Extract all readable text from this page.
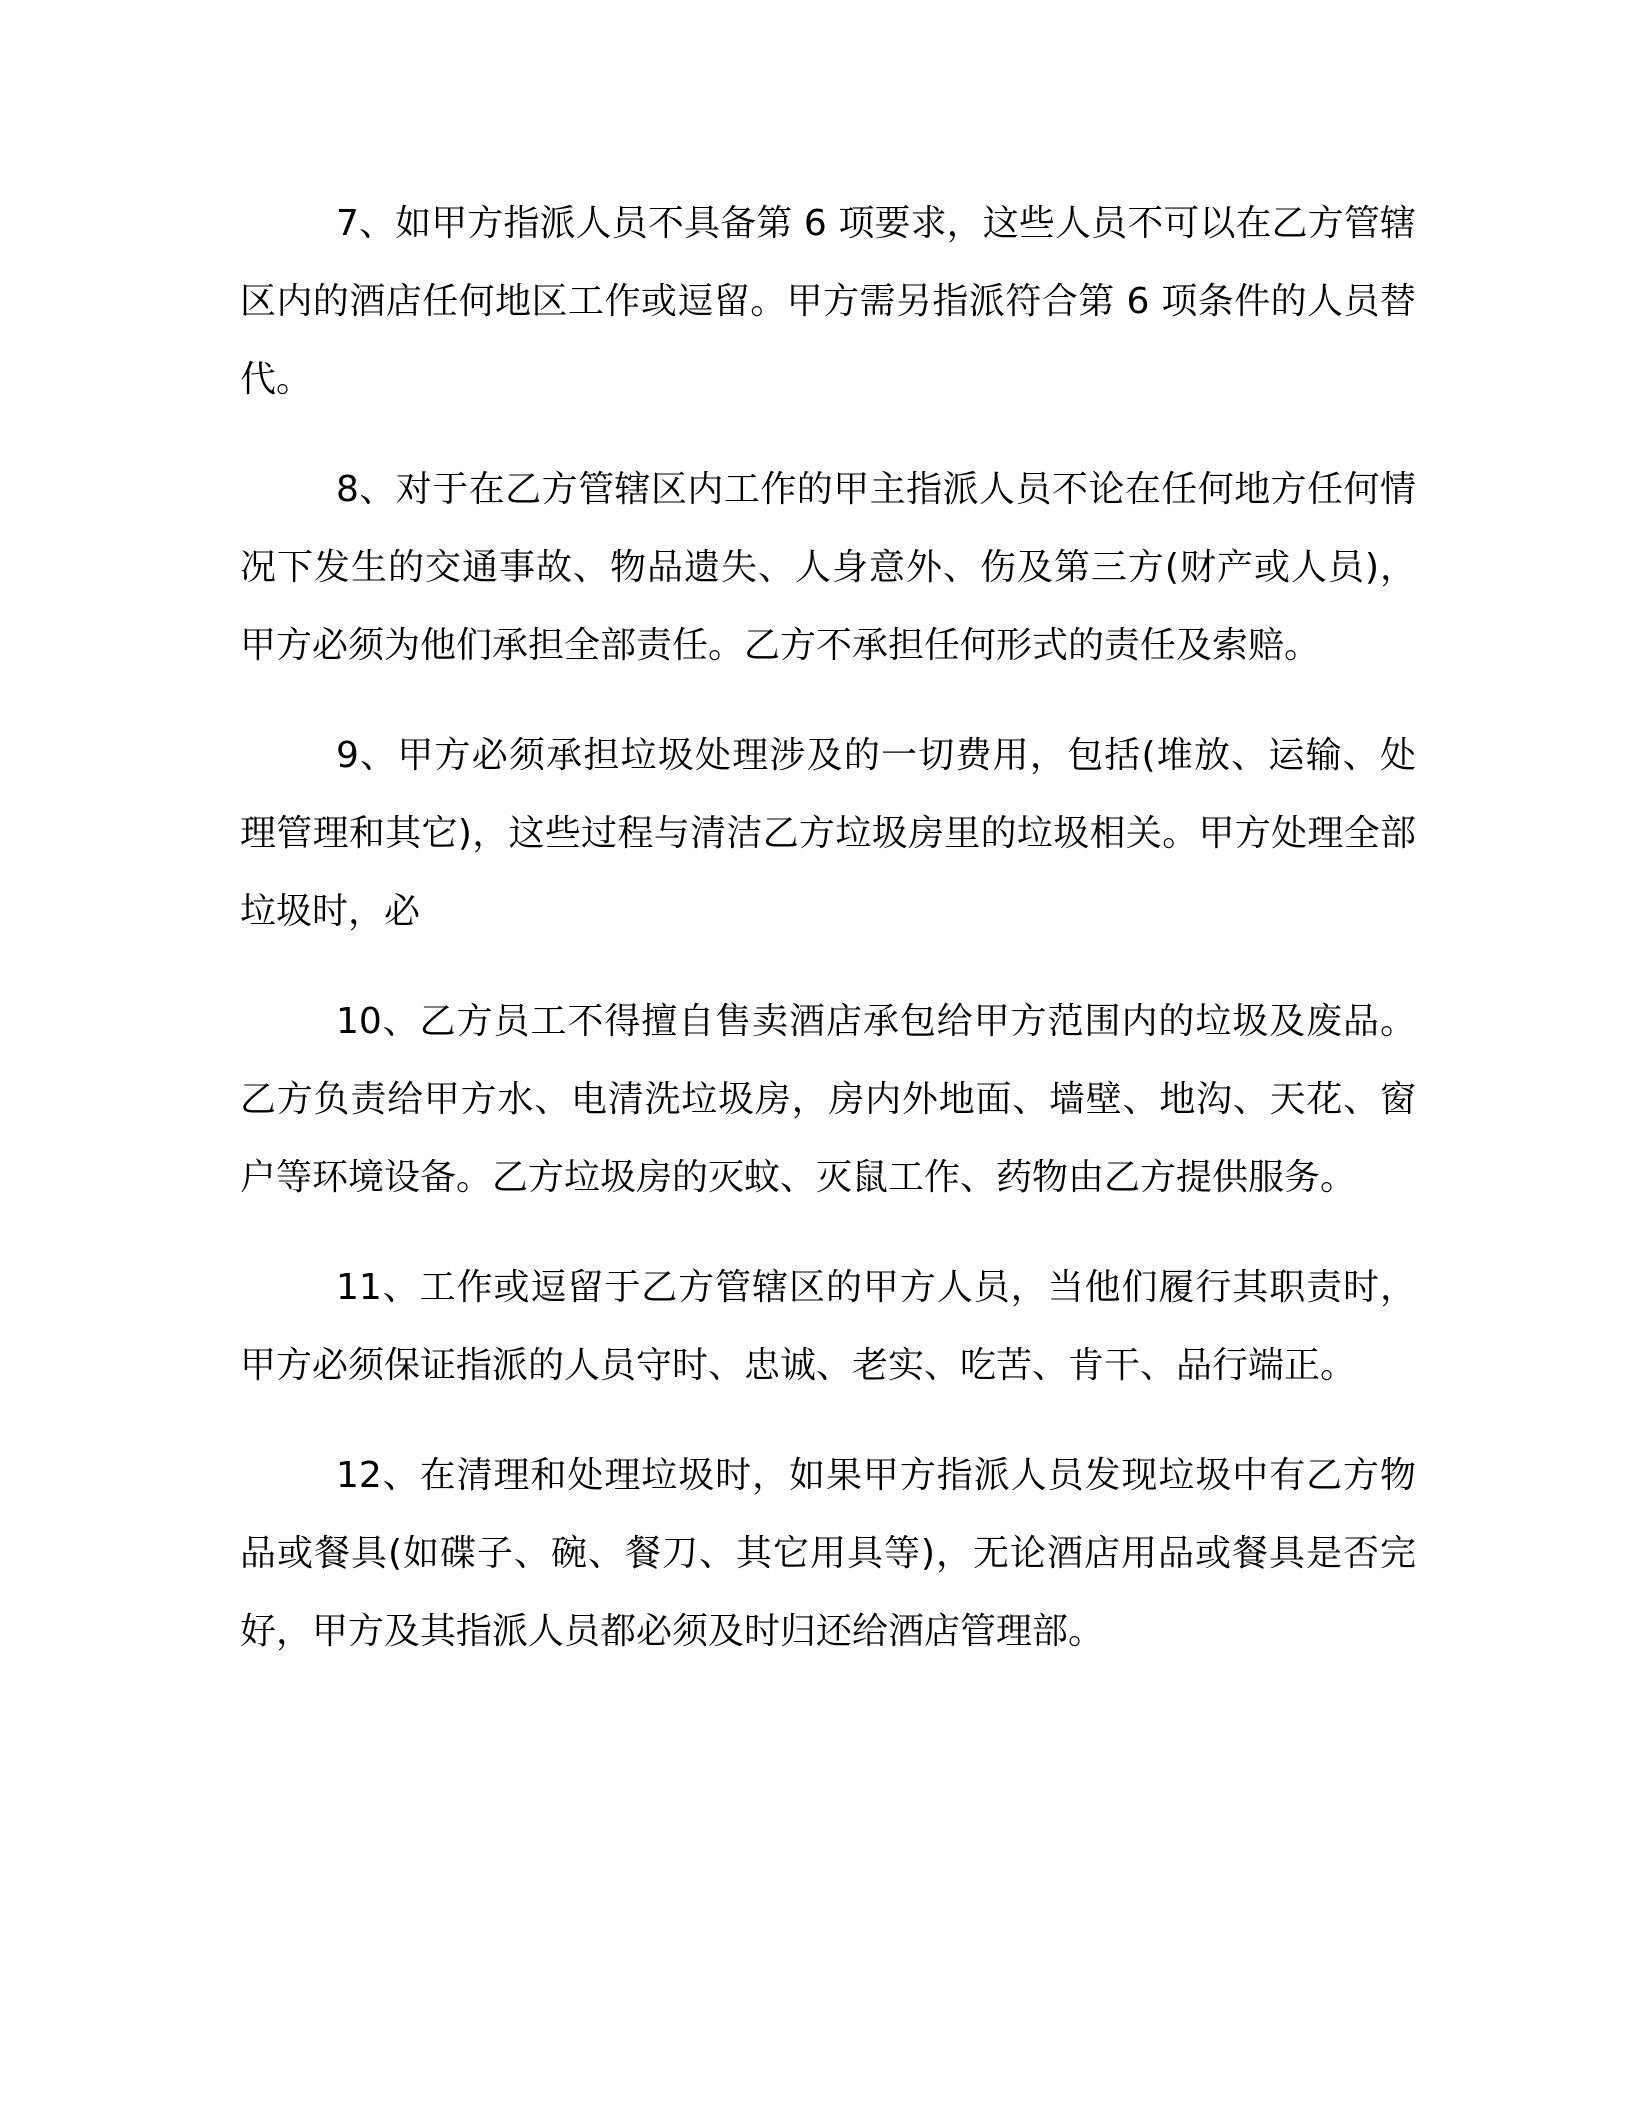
7、如甲方指派人员不具备第 6 项要求，这些人员不可以在乙方管辖区内的酒店任何地区工作或逗留。甲方需另指派符合第 6 项条件的人员替代。

8、对于在乙方管辖区内工作的甲主指派人员不论在任何地方任何情况下发生的交通事故、物品遗失、人身意外、伤及第三方(财产或人员)，甲方必须为他们承担全部责任。乙方不承担任何形式的责任及索赔。

9、甲方必须承担垃圾处理涉及的一切费用，包括(堆放、运输、处理管理和其它)，这些过程与清洁乙方垃圾房里的垃圾相关。甲方处理全部垃圾时，必

10、乙方员工不得擅自售卖酒店承包给甲方范围内的垃圾及废品。乙方负责给甲方水、电清洗垃圾房，房内外地面、墙壁、地沟、天花、窗户等环境设备。乙方垃圾房的灭蚊、灭鼠工作、药物由乙方提供服务。

11、工作或逗留于乙方管辖区的甲方人员，当他们履行其职责时，甲方必须保证指派的人员守时、忠诚、老实、吃苦、肯干、品行端正。

12、在清理和处理垃圾时，如果甲方指派人员发现垃圾中有乙方物品或餐具(如碟子、碗、餐刀、其它用具等)，无论酒店用品或餐具是否完好，甲方及其指派人员都必须及时归还给酒店管理部。
